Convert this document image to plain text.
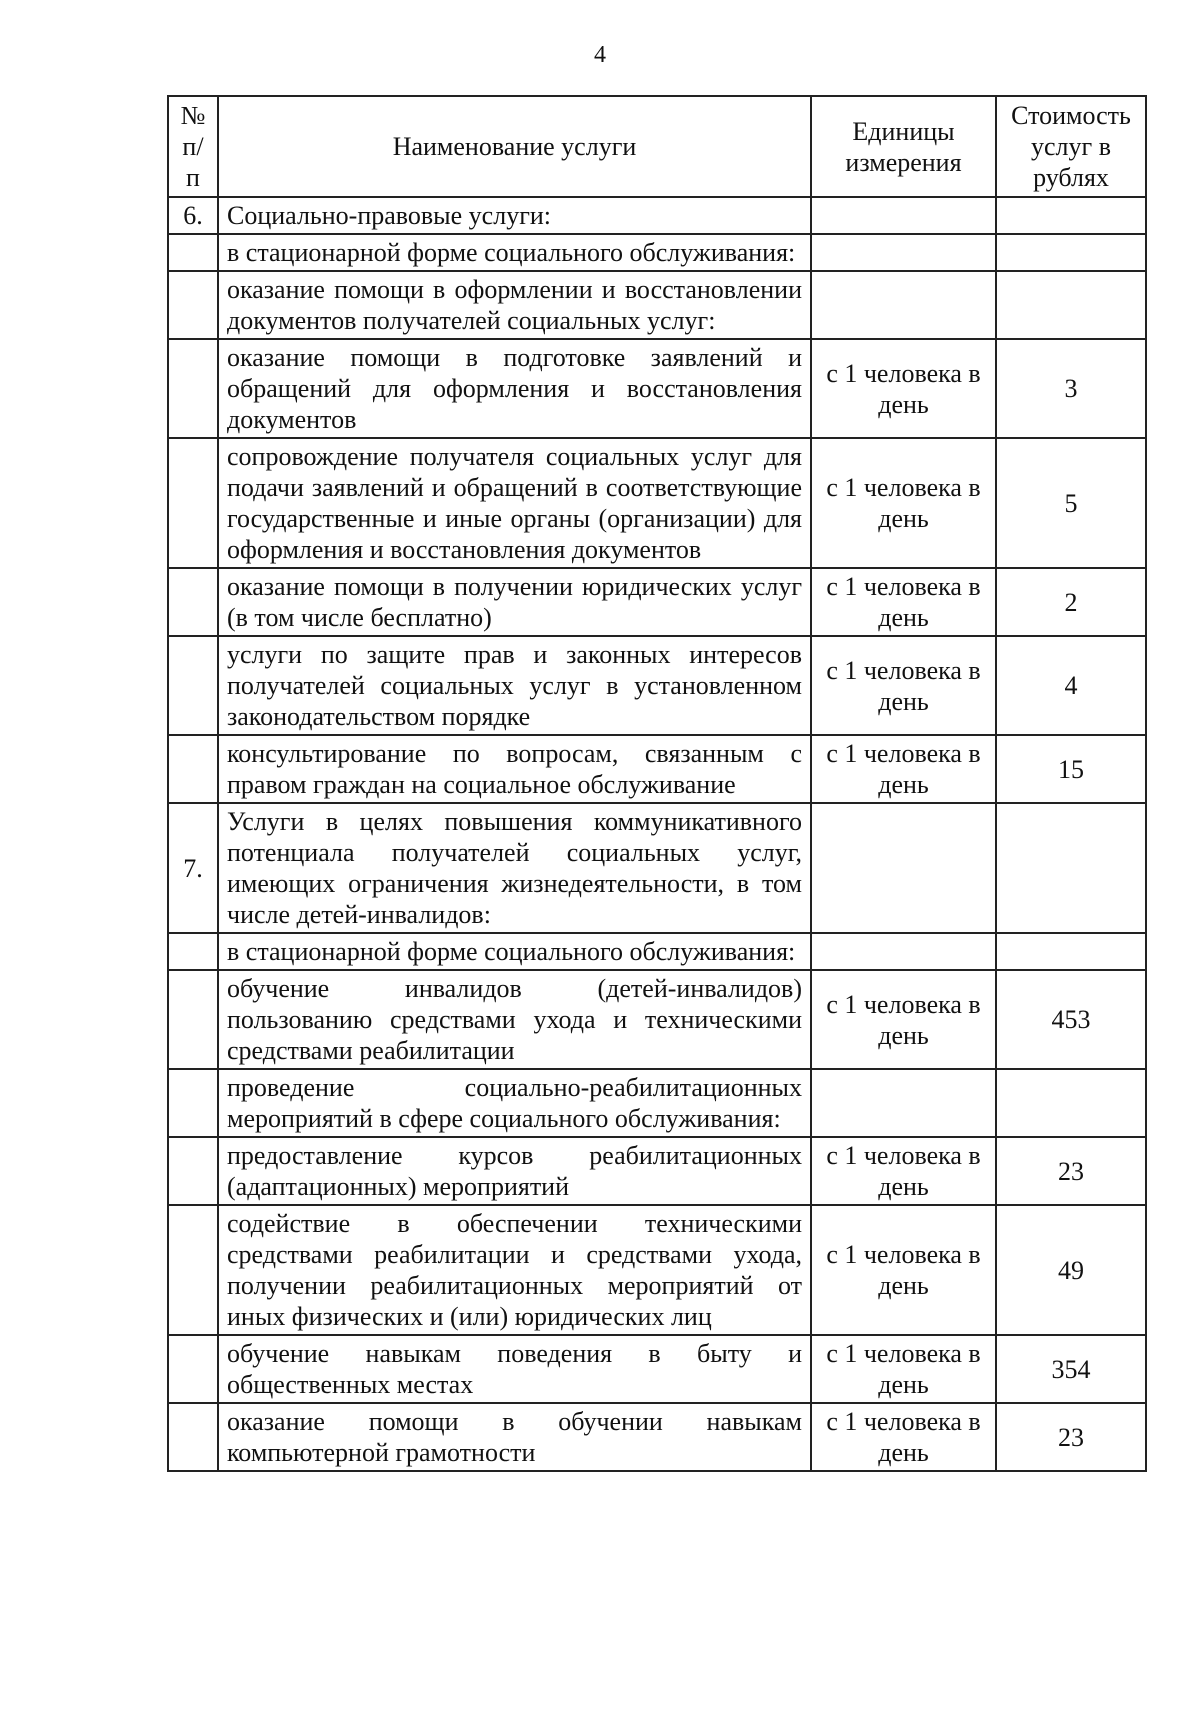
4
№ п/п	Наименование услуги	Единицы измерения	Стоимость услуг в рублях
6.	Социально-правовые услуги:		
	в стационарной форме социального обслуживания:		
	оказание помощи в оформлении и восстановлении документов получателей социальных услуг:		
	оказание помощи в подготовке заявлений и обращений для оформления и восстановления документов	с 1 человека в день	3
	сопровождение получателя социальных услуг для подачи заявлений и обращений в соответствующие государственные и иные органы (организации) для оформления и восстановления документов	с 1 человека в день	5
	оказание помощи в получении юридических услуг (в том числе бесплатно)	с 1 человека в день	2
	услуги по защите прав и законных интересов получателей социальных услуг в установленном законодательством порядке	с 1 человека в день	4
	консультирование по вопросам, связанным с правом граждан на социальное обслуживание	с 1 человека в день	15
7.	Услуги в целях повышения коммуникативного потенциала получателей социальных услуг, имеющих ограничения жизнедеятельности, в том числе детей-инвалидов:		
	в стационарной форме социального обслуживания:		
	обучение инвалидов (детей-инвалидов) пользованию средствами ухода и техническими средствами реабилитации	с 1 человека в день	453
	проведение социально-реабилитационных мероприятий в сфере социального обслуживания:		
	предоставление курсов реабилитационных (адаптационных) мероприятий	с 1 человека в день	23
	содействие в обеспечении техническими средствами реабилитации и средствами ухода, получении реабилитационных мероприятий от иных физических и (или) юридических лиц	с 1 человека в день	49
	обучение навыкам поведения в быту и общественных местах	с 1 человека в день	354
	оказание помощи в обучении навыкам компьютерной грамотности	с 1 человека в день	23
